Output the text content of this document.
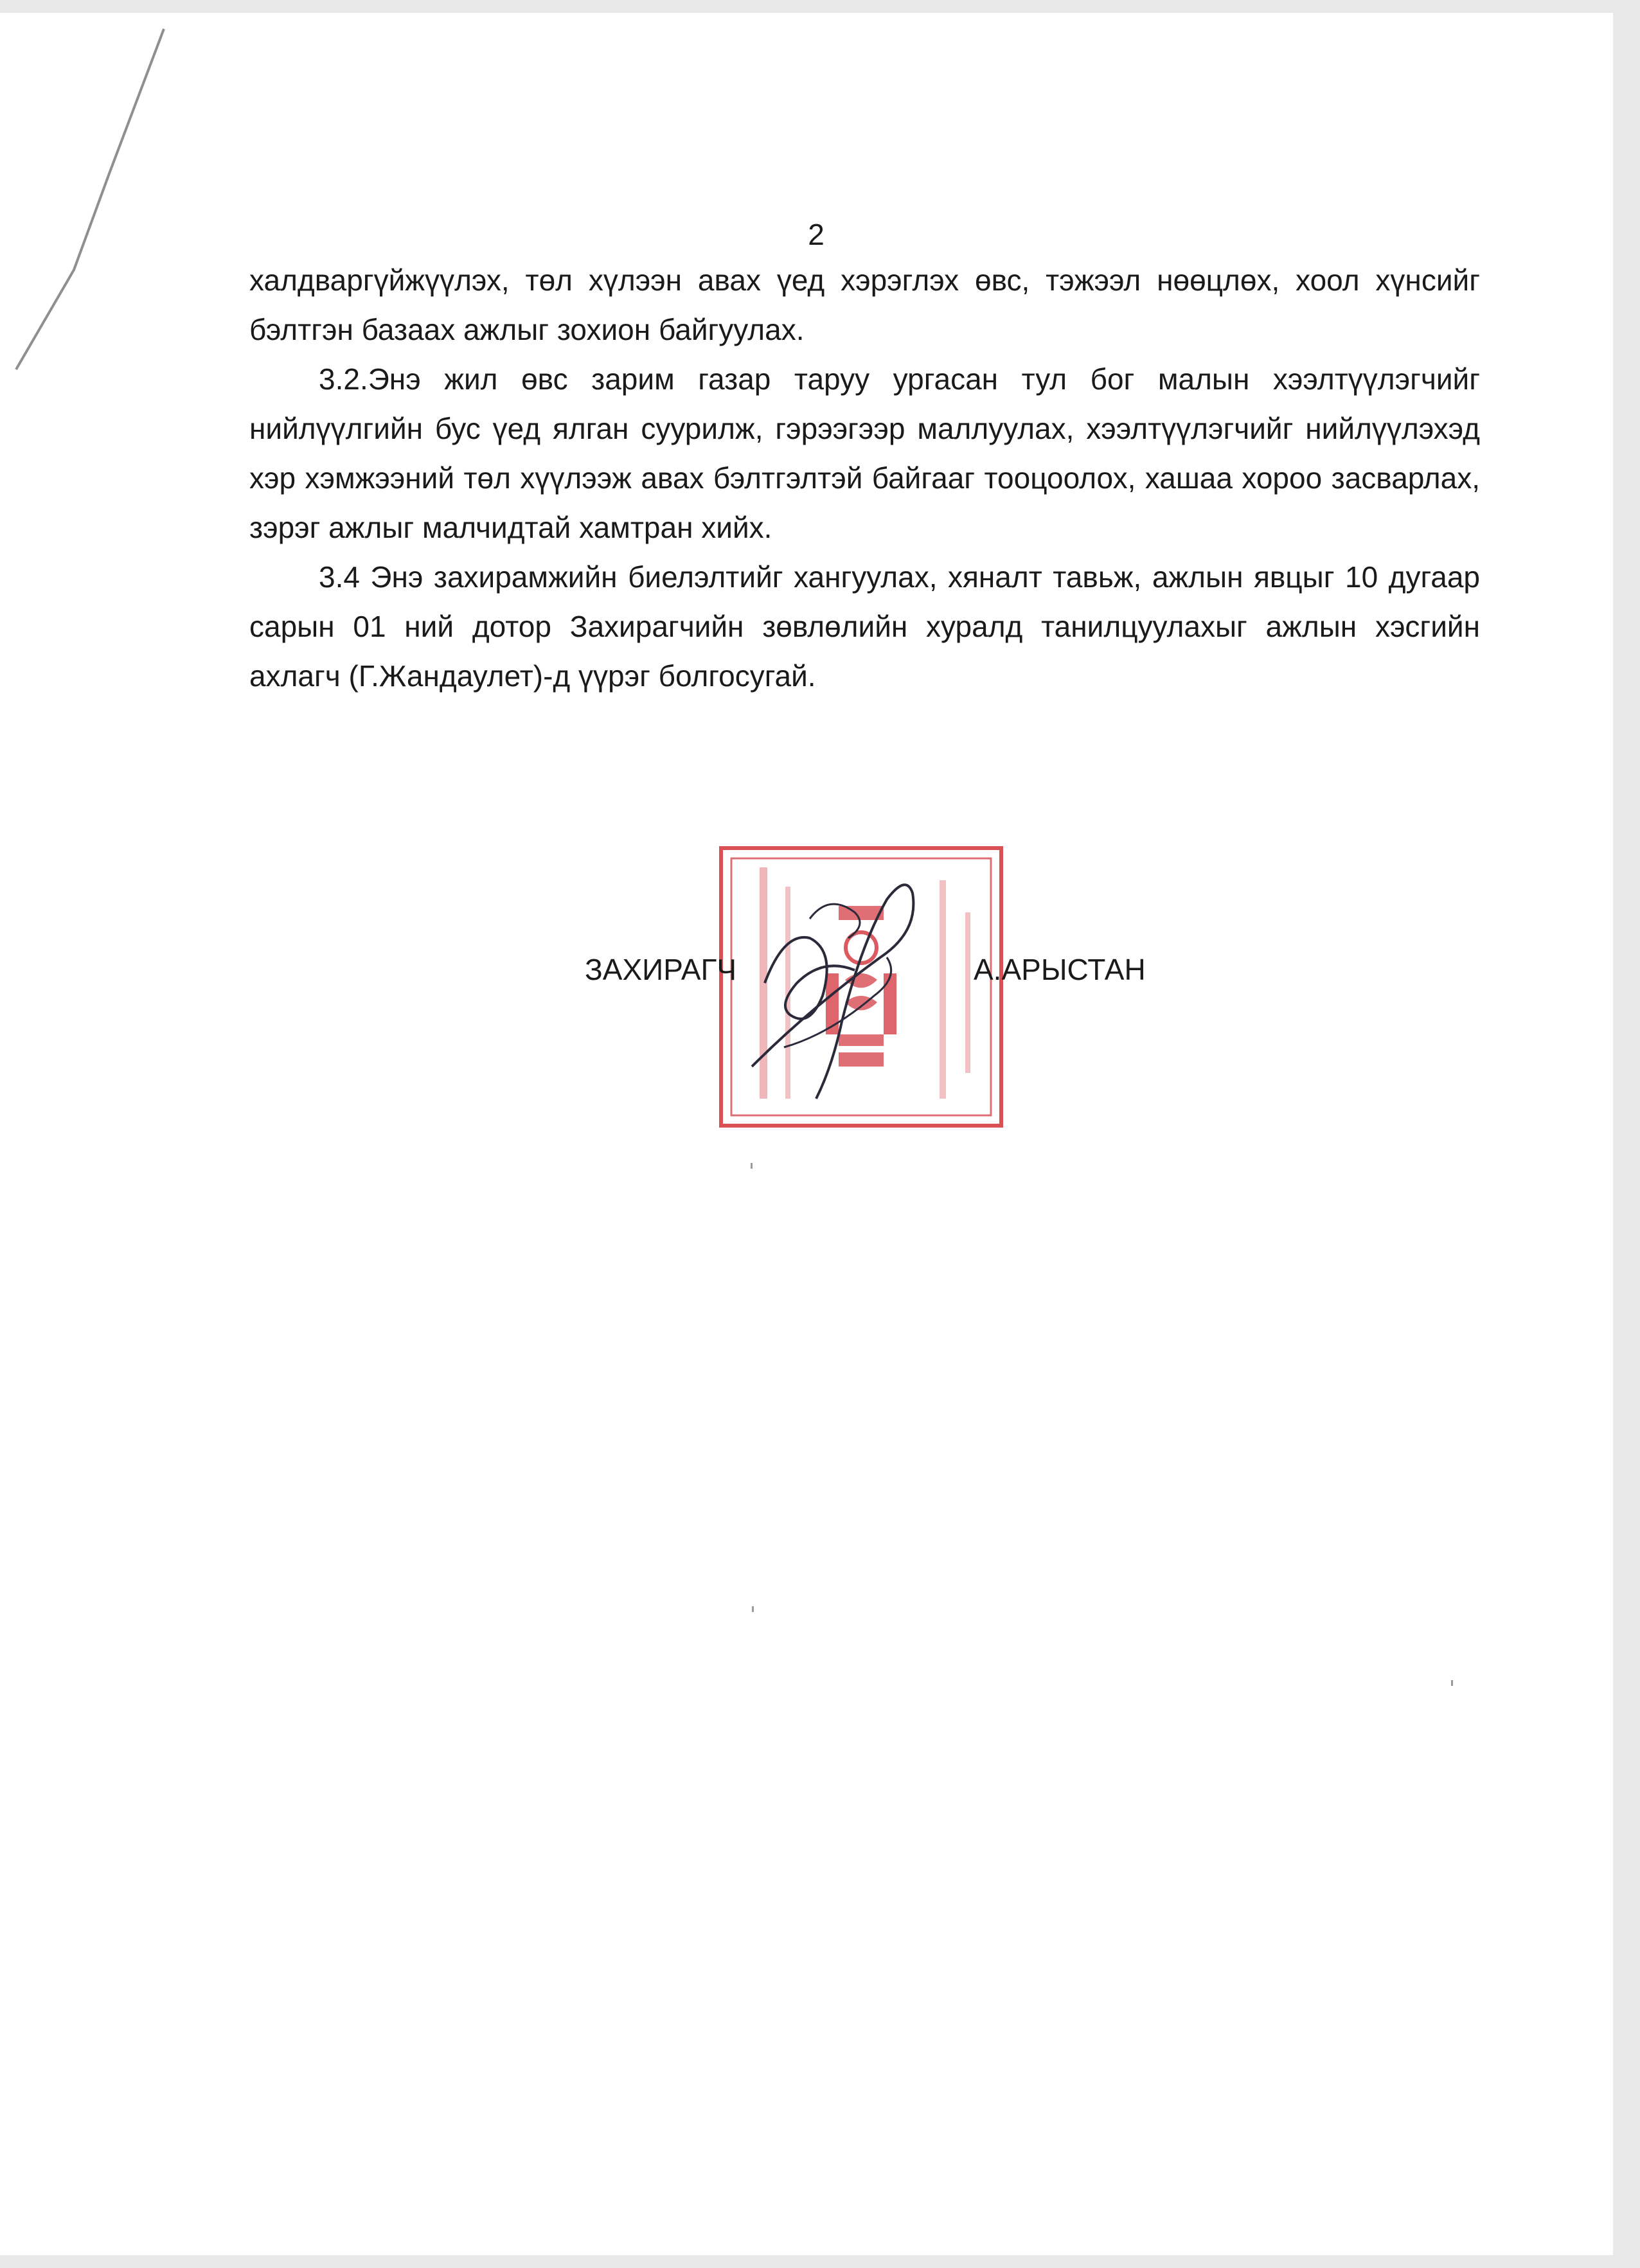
2

халдваргүйжүүлэх, төл хүлээн авах үед хэрэглэх өвс, тэжээл нөөцлөх, хоол хүнсийг бэлтгэн базаах ажлыг зохион байгуулах.

3.2.Энэ жил өвс зарим газар таруу ургасан тул бог малын хээлтүүлэгчийг нийлүүлгийн бус үед ялган суурилж, гэрээгээр маллуулах, хээлтүүлэгчийг нийлүүлэхэд хэр хэмжээний төл хүүлээж авах бэлтгэлтэй байгааг тооцоолох, хашаа хороо засварлах, зэрэг ажлыг малчидтай хамтран хийх.

3.4 Энэ захирамжийн биелэлтийг хангуулах, хяналт тавьж, ажлын явцыг 10 дугаар сарын 01 ний дотор Захирагчийн зөвлөлийн хуралд танилцуулахыг ажлын хэсгийн ахлагч (Г.Жандаулет)-д үүрэг болгосугай.

ЗАХИРАГЧ	А.АРЫСТАН
